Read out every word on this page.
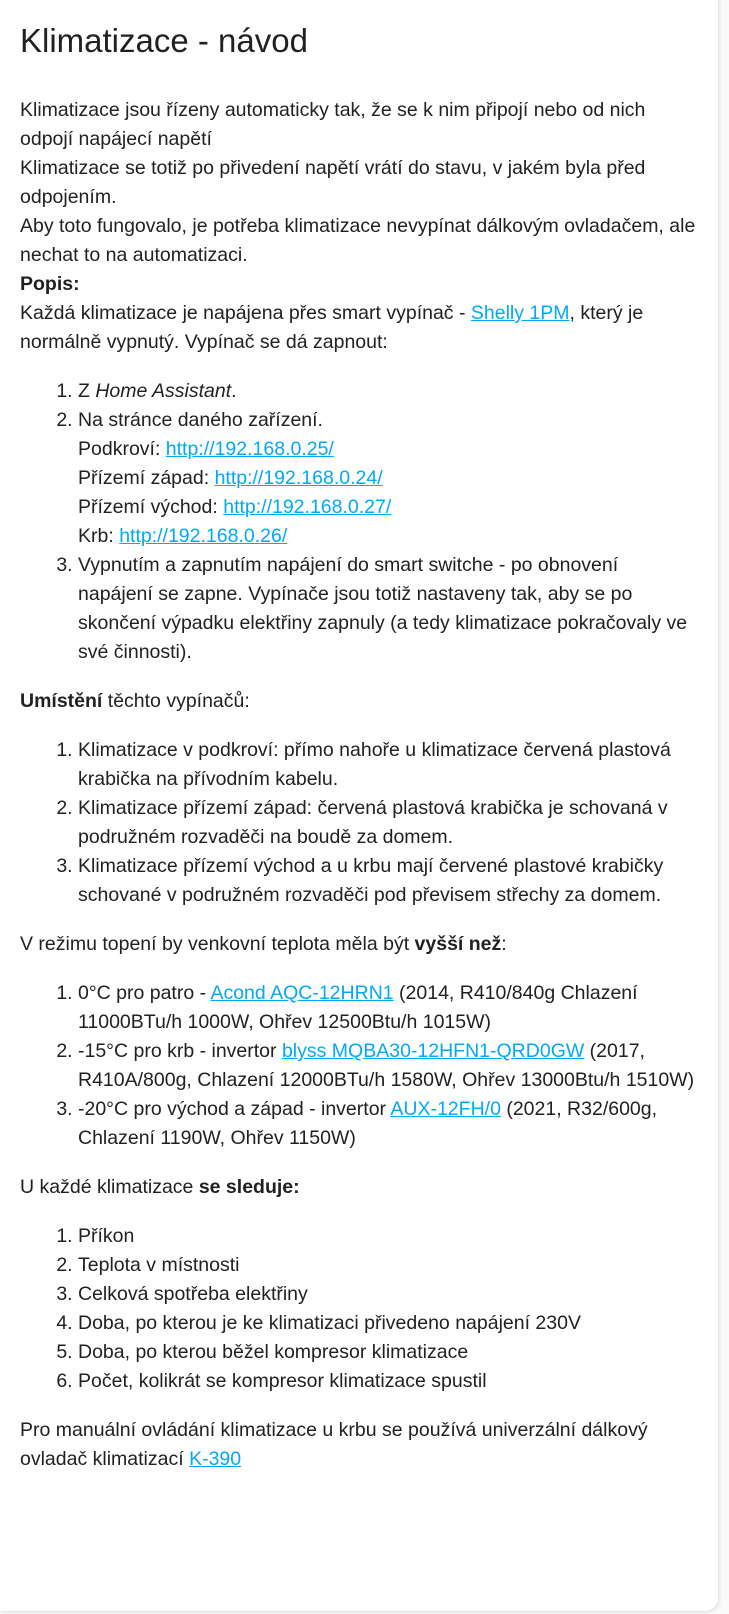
Klimatizace - návod

Klimatizace jsou řízeny automaticky tak, že se k nim připojí nebo od nich odpojí napájecí napětí

Klimatizace se totiž po přivedení napětí vrátí do stavu, v jakém byla před odpojením.

Aby toto fungovalo, je potřeba klimatizace nevypínat dálkovým ovladačem, ale nechat to na automatizaci.

Popis:
Každá klimatizace je napájena přes smart vypínač - Shelly 1PM, který je normálně vypnutý. Vypínač se dá zapnout:

1. Z Home Assistant.
2. Na stránce daného zařízení.
Podkroví: http://192.168.0.25/
Přízemí západ: http://192.168.0.24/
Přízemí východ: http://192.168.0.27/
Krb: http://192.168.0.26/
3. Vypnutím a zapnutím napájení do smart switche - po obnovení napájení se zapne. Vypínače jsou totiž nastaveny tak, aby se po skončení výpadku elektřiny zapnuly (a tedy klimatizace pokračovaly ve své činnosti).

Umístění těchto vypínačů:

1. Klimatizace v podkroví: přímo nahoře u klimatizace červená plastová krabička na přívodním kabelu.
2. Klimatizace přízemí západ: červená plastová krabička je schovaná v podružném rozvaděči na boudě za domem.
3. Klimatizace přízemí východ a u krbu mají červené plastové krabičky schované v podružném rozvaděči pod převisem střechy za domem.

V režimu topení by venkovní teplota měla být vyšší než:

1. 0°C pro patro - Acond AQC-12HRN1 (2014, R410/840g Chlazení 11000BTu/h 1000W, Ohřev 12500Btu/h 1015W)
2. -15°C pro krb - invertor blyss MQBA30-12HFN1-QRD0GW (2017, R410A/800g, Chlazení 12000BTu/h 1580W, Ohřev 13000Btu/h 1510W)
3. -20°C pro východ a západ - invertor AUX-12FH/0 (2021, R32/600g, Chlazení 1190W, Ohřev 1150W)

U každé klimatizace se sleduje:

1. Příkon
2. Teplota v místnosti
3. Celková spotřeba elektřiny
4. Doba, po kterou je ke klimatizaci přivedeno napájení 230V
5. Doba, po kterou běžel kompresor klimatizace
6. Počet, kolikrát se kompresor klimatizace spustil

Pro manuální ovládání klimatizace u krbu se používá univerzální dálkový ovladač klimatizací K-390
